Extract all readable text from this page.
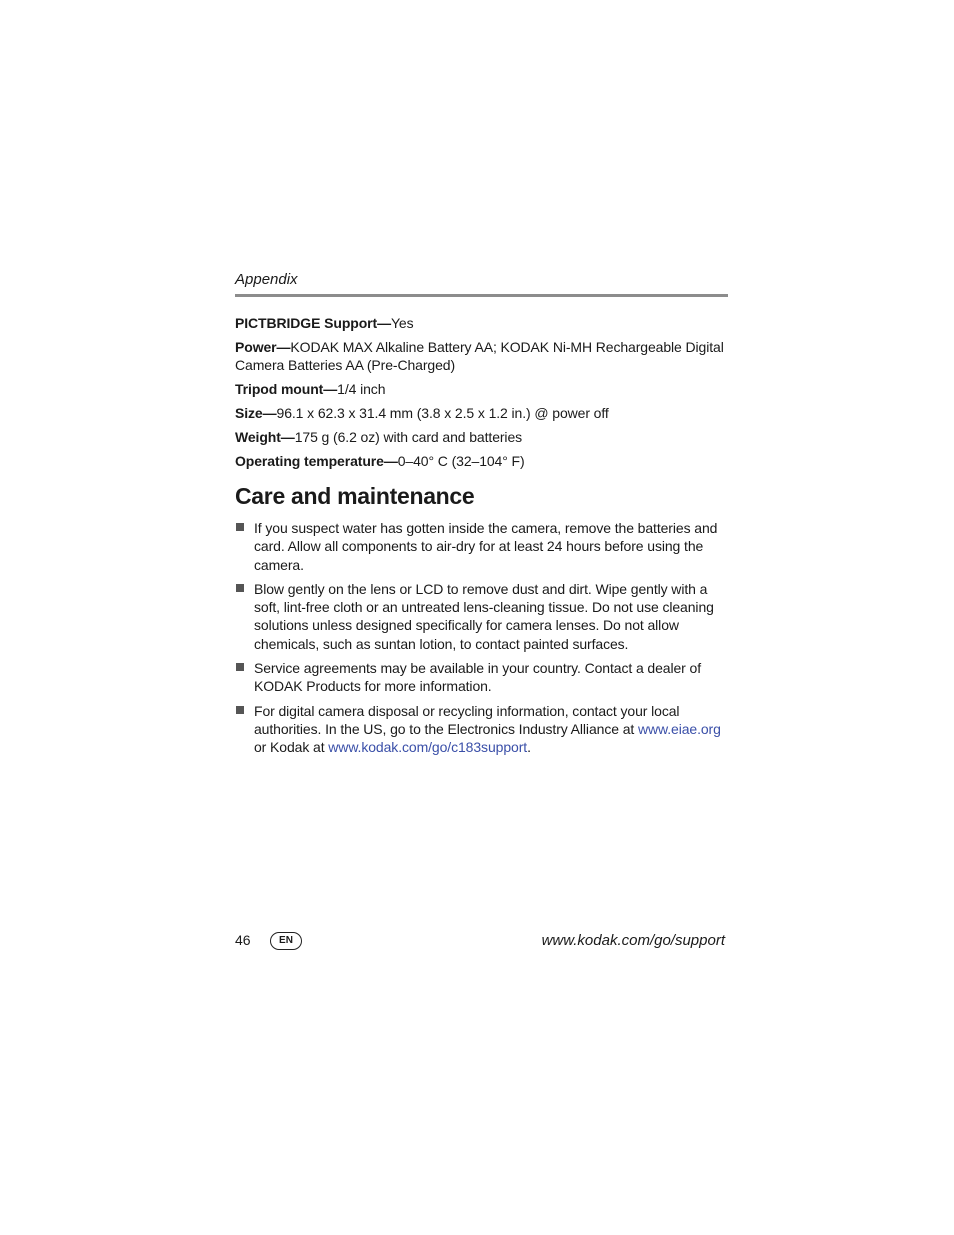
Appendix

PICTBRIDGE Support—Yes

Power—KODAK MAX Alkaline Battery AA; KODAK Ni-MH Rechargeable Digital Camera Batteries AA (Pre-Charged)

Tripod mount—1/4 inch

Size—96.1 x 62.3 x 31.4 mm (3.8 x 2.5 x 1.2 in.) @ power off

Weight—175 g (6.2 oz) with card and batteries

Operating temperature—0–40° C (32–104° F)

Care and maintenance
If you suspect water has gotten inside the camera, remove the batteries and card. Allow all components to air-dry for at least 24 hours before using the camera.
Blow gently on the lens or LCD to remove dust and dirt. Wipe gently with a soft, lint-free cloth or an untreated lens-cleaning tissue. Do not use cleaning solutions unless designed specifically for camera lenses. Do not allow chemicals, such as suntan lotion, to contact painted surfaces.
Service agreements may be available in your country. Contact a dealer of KODAK Products for more information.
For digital camera disposal or recycling information, contact your local authorities. In the US, go to the Electronics Industry Alliance at www.eiae.org or Kodak at www.kodak.com/go/c183support.
46	EN	www.kodak.com/go/support
